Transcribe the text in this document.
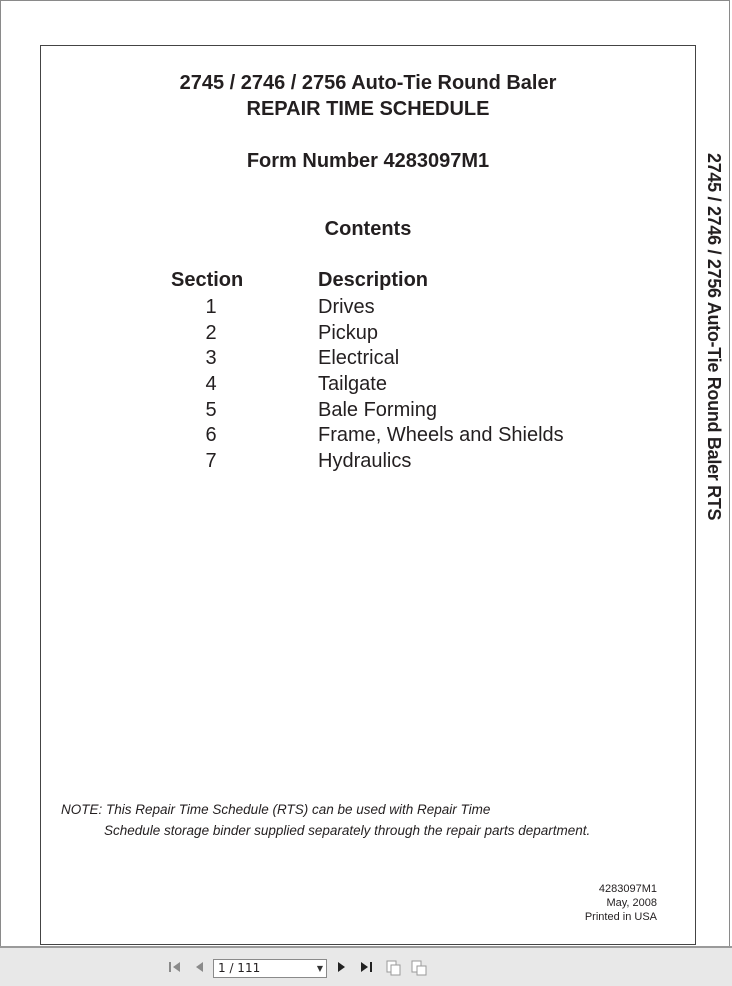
2745 / 2746 / 2756 Auto-Tie Round Baler
REPAIR TIME SCHEDULE
Form Number 4283097M1
Contents
Section	Description
1	Drives
2	Pickup
3	Electrical
4	Tailgate
5	Bale Forming
6	Frame, Wheels and Shields
7	Hydraulics
NOTE: This Repair Time Schedule (RTS) can be used with Repair Time
Schedule storage binder supplied separately through the repair parts department.
4283097M1
May, 2008
Printed in USA
2745 / 2746 / 2756 Auto-Tie Round Baler RTS
1 / 111	▼
